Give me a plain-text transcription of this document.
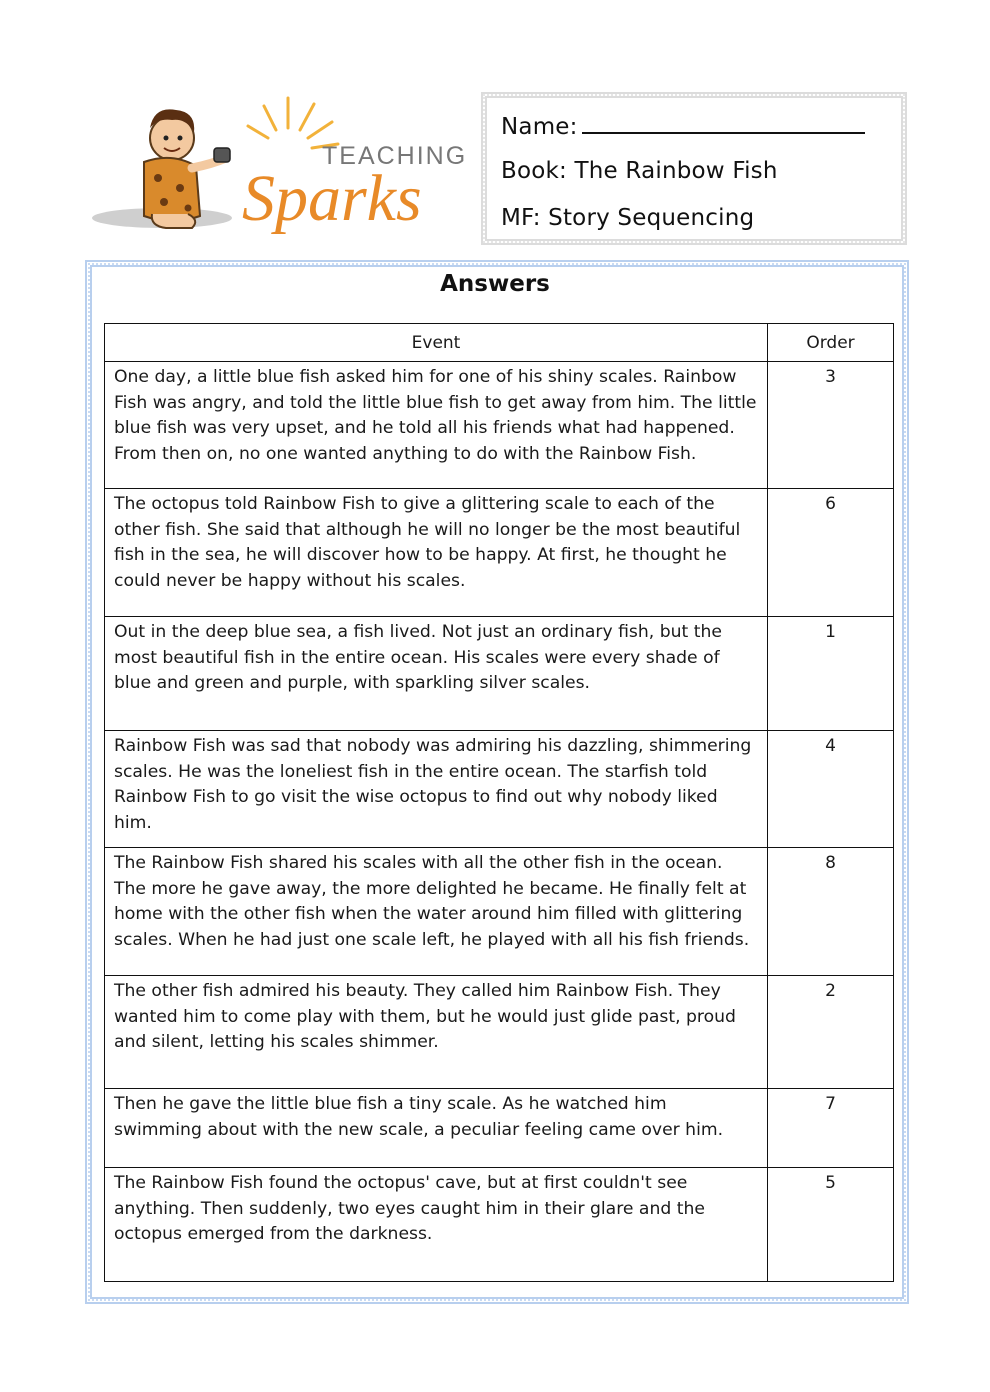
TEACHING
Sparks
Name:
Book: The Rainbow Fish
MF: Story Sequencing
Answers
Event	Order
One day, a little blue fish asked him for one of his shiny scales. Rainbow Fish was angry, and told the little blue fish to get away from him. The little blue fish was very upset, and he told all his friends what had happened. From then on, no one wanted anything to do with the Rainbow Fish.	3
The octopus told Rainbow Fish to give a glittering scale to each of the other fish. She said that although he will no longer be the most beautiful fish in the sea, he will discover how to be happy. At first, he thought he could never be happy without his scales.	6
Out in the deep blue sea, a fish lived. Not just an ordinary fish, but the most beautiful fish in the entire ocean. His scales were every shade of blue and green and purple, with sparkling silver scales.	1
Rainbow Fish was sad that nobody was admiring his dazzling, shimmering scales. He was the loneliest fish in the entire ocean. The starfish told Rainbow Fish to go visit the wise octopus to find out why nobody liked him.	4
The Rainbow Fish shared his scales with all the other fish in the ocean. The more he gave away, the more delighted he became. He finally felt at home with the other fish when the water around him filled with glittering scales. When he had just one scale left, he played with all his fish friends.	8
The other fish admired his beauty. They called him Rainbow Fish. They wanted him to come play with them, but he would just glide past, proud and silent, letting his scales shimmer.	2
Then he gave the little blue fish a tiny scale. As he watched him swimming about with the new scale, a peculiar feeling came over him.	7
The Rainbow Fish found the octopus' cave, but at first couldn't see anything. Then suddenly, two eyes caught him in their glare and the octopus emerged from the darkness.	5
